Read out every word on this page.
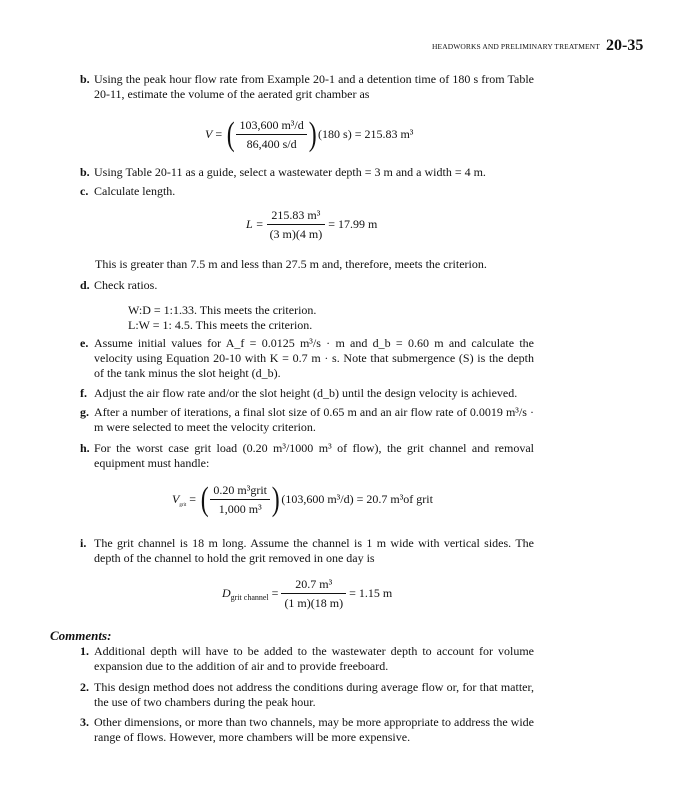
HEADWORKS AND PRELIMINARY TREATMENT 20-35
b. Using the peak hour flow rate from Example 20-1 and a detention time of 180 s from Table 20-11, estimate the volume of the aerated grit chamber as
V = ( $\frac{\text{103,600 m³/d}}{86,400 s/d}$ ) (180 s) = 215.83 m³
b. Using Table 20-11 as a guide, select a wastewater depth = 3 m and a width = 4 m.
c. Calculate length.
$L = \frac{\text{215.83 m³}}{(3 m)(4 m)} = 17.99$ m
This is greater than 7.5 m and less than 27.5 m and, therefore, meets the criterion.
d. Check ratios.
W:D = 1:1.33. This meets the criterion.
L:W = 1: 4.5. This meets the criterion.
e. Assume initial values for A_f = 0.0125 m³/s · m and d_b = 0.60 m and calculate the velocity using Equation 20-10 with K = 0.7 m · s. Note that submergence (S) is the depth of the tank minus the slot height (d_b).
f. Adjust the air flow rate and/or the slot height (d_b) until the design velocity is achieved.
g. After a number of iterations, a final slot size of 0.65 m and an air flow rate of 0.0019 m³/s · m were selected to meet the velocity criterion.
h. For the worst case grit load (0.20 m³/1000 m³ of flow), the grit channel and removal equipment must handle:
$V_{grit}$ = ( $\frac{\text{0.20 m³grit}}{\text{1,000 m³}}$ ) (103,600 m³/d) = 20.7 m³of grit
i. The grit channel is 18 m long. Assume the channel is 1 m wide with vertical sides. The depth of the channel to hold the grit removed in one day is
$D_{grit channel} = \frac{\text{20.7 m³}}{(1 m)(18 m)} = 1.15$ m
Comments:
1. Additional depth will have to be added to the wastewater depth to account for volume expansion due to the addition of air and to provide freeboard.
2. This design method does not address the conditions during average flow or, for that matter, the use of two chambers during the peak hour.
3. Other dimensions, or more than two channels, may be more appropriate to address the wide range of flows. However, more chambers will be more expensive.
